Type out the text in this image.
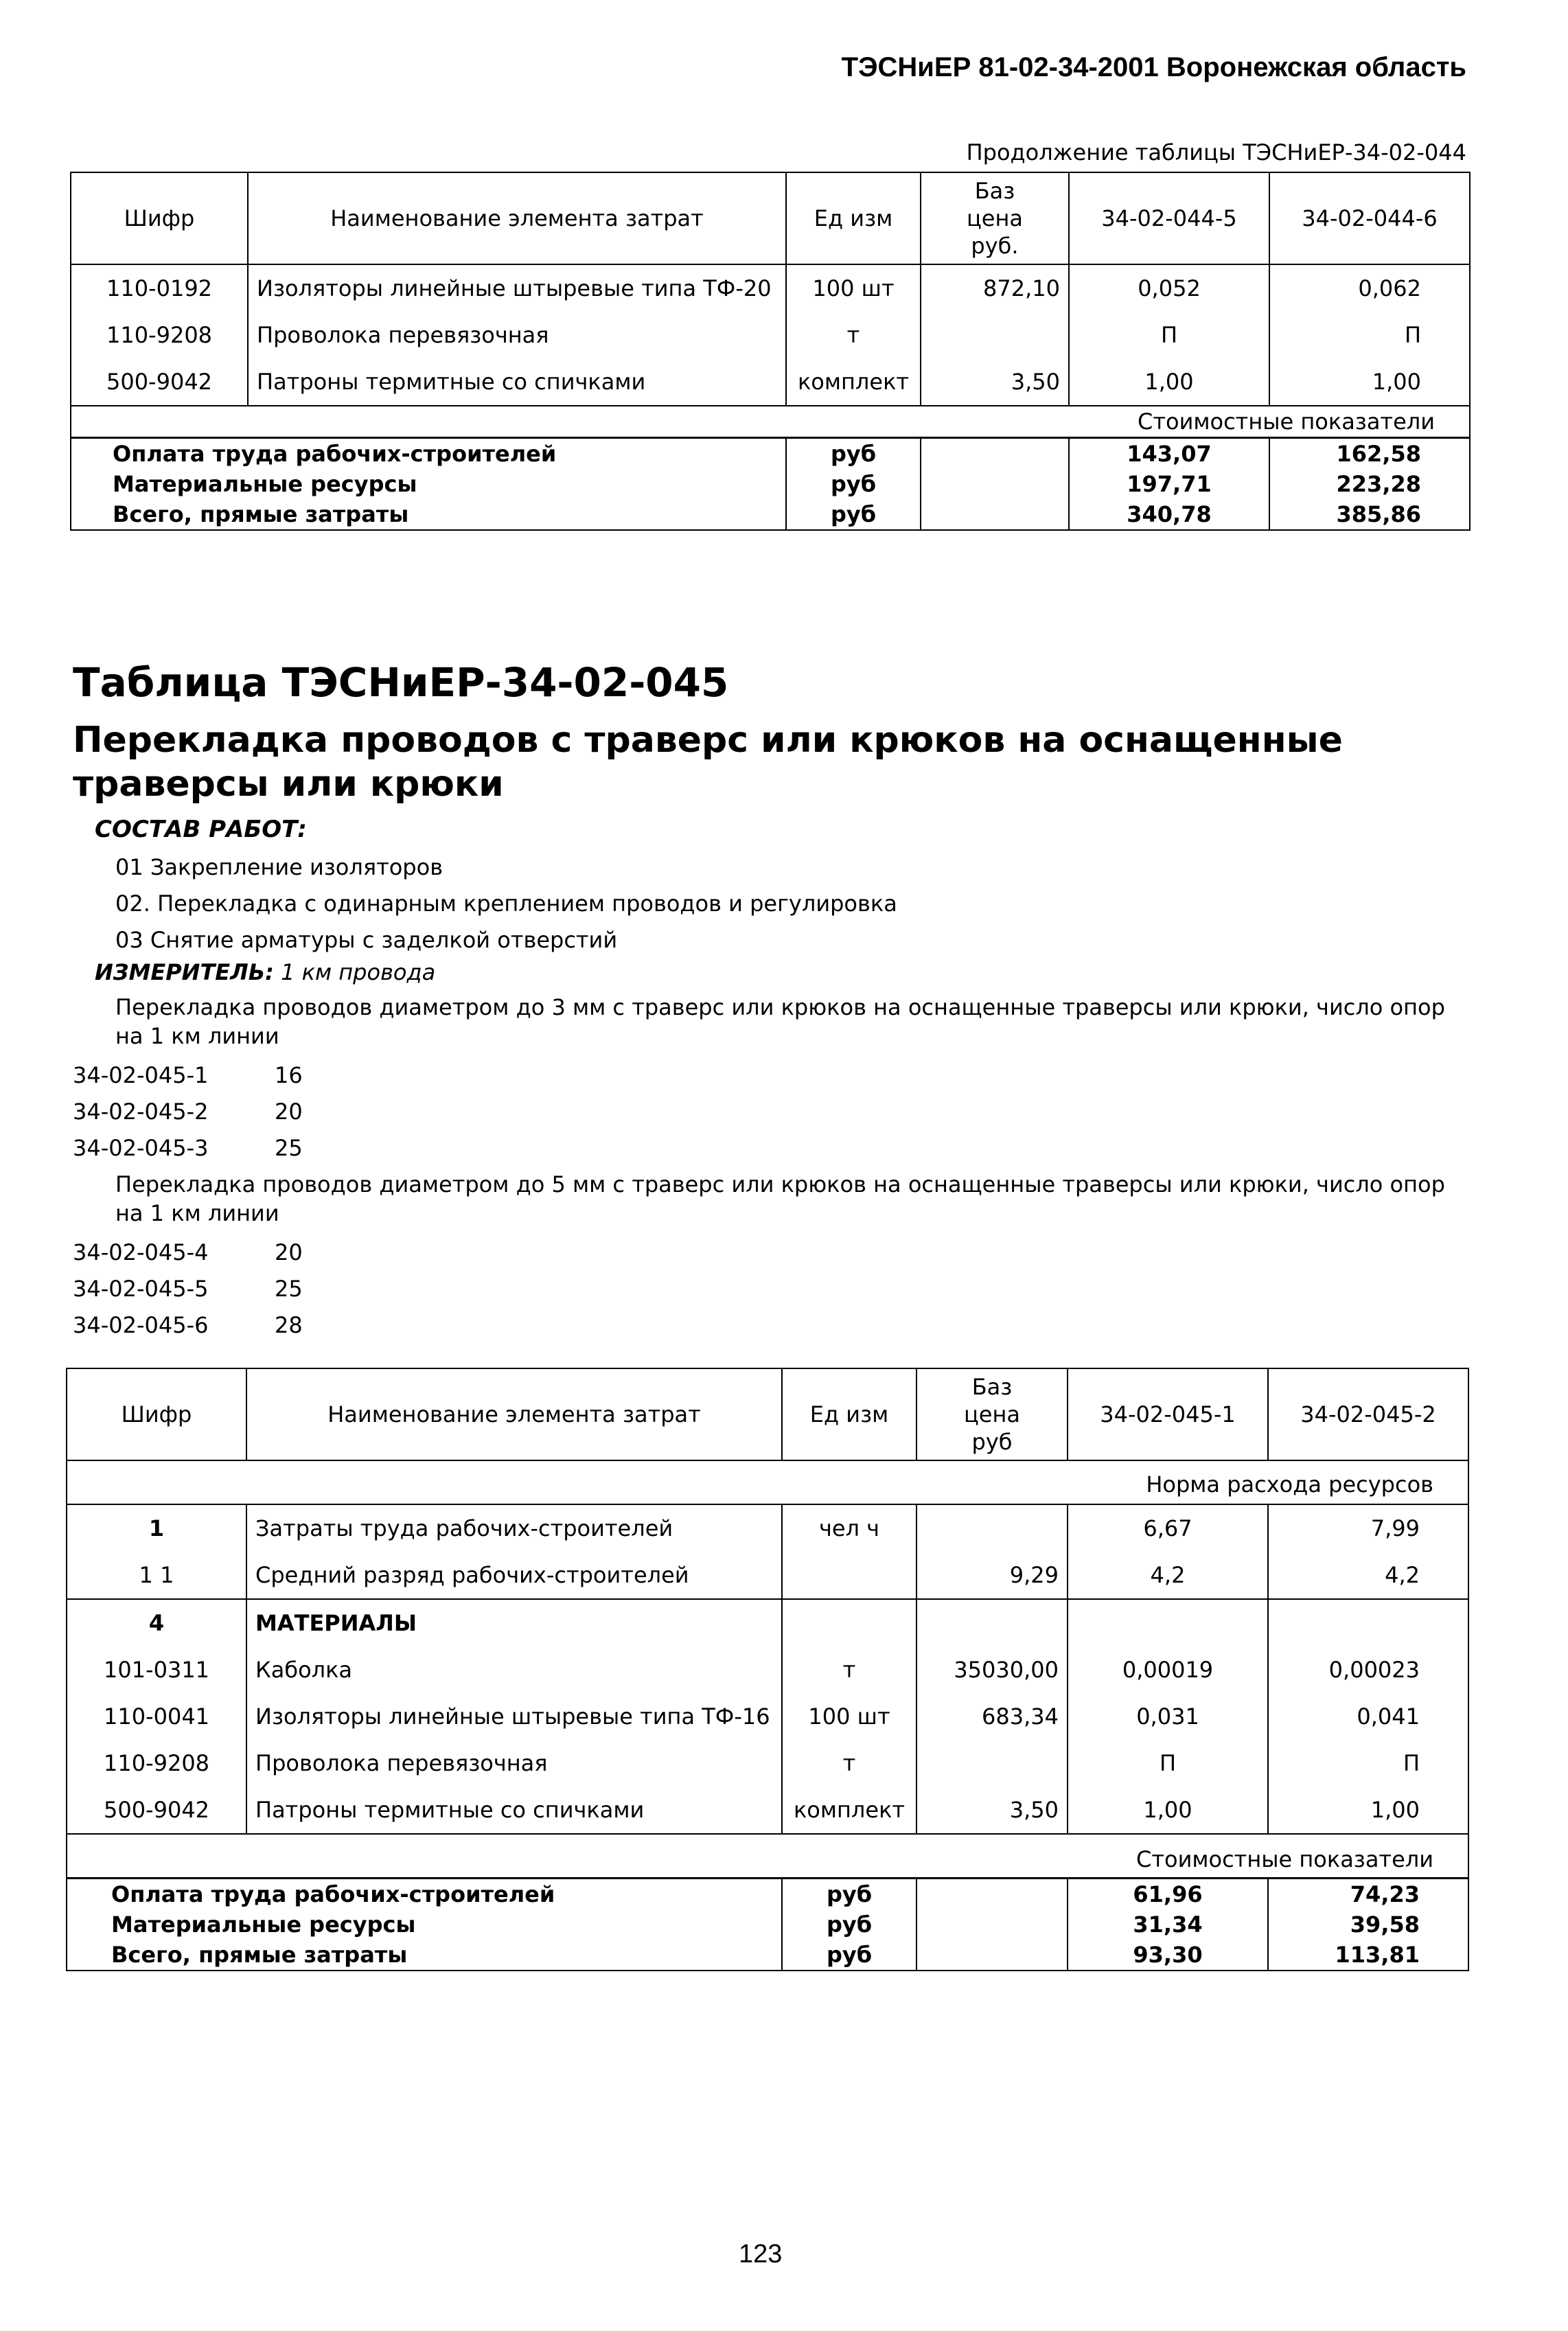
ТЭСНиЕР 81-02-34-2001 Воронежская область
Продолжение таблицы ТЭСНиЕР-34-02-044
Шифр	Наименование элемента затрат	Ед изм	Баз цена руб.	34-02-044-5	34-02-044-6
110-0192	Изоляторы линейные штыревые типа ТФ-20	100 шт	872,10	0,052	0,062
110-9208	Проволока перевязочная	т		П	П
500-9042	Патроны термитные со спичками	комплект	3,50	1,00	1,00
Стоимостные показатели					
Оплата труда рабочих-строителей		руб		143,07	162,58
Материальные ресурсы		руб		197,71	223,28
Всего, прямые затраты		руб		340,78	385,86
Таблица ТЭСНиЕР-34-02-045
Перекладка проводов с траверс или крюков на оснащенные траверсы или крюки
СОСТАВ РАБОТ:
01 Закрепление изоляторов
02. Перекладка с одинарным креплением проводов и регулировка
03 Снятие арматуры с заделкой отверстий
ИЗМЕРИТЕЛЬ: 1 км провода
Перекладка проводов диаметром до 3 мм с траверс или крюков на оснащенные траверсы или крюки, число опор на 1 км линии
34-02-045-1	16
34-02-045-2	20
34-02-045-3	25
Перекладка проводов диаметром до 5 мм с траверс или крюков на оснащенные траверсы или крюки, число опор на 1 км линии
34-02-045-4	20
34-02-045-5	25
34-02-045-6	28
Шифр	Наименование элемента затрат	Ед изм	Баз цена руб	34-02-045-1	34-02-045-2
Норма расхода ресурсов					
1	Затраты труда рабочих-строителей	чел ч		6,67	7,99
1 1	Средний разряд рабочих-строителей		9,29	4,2	4,2
4	МАТЕРИАЛЫ				
101-0311	Каболка	т	35030,00	0,00019	0,00023
110-0041	Изоляторы линейные штыревые типа ТФ-16	100 шт	683,34	0,031	0,041
110-9208	Проволока перевязочная	т		П	П
500-9042	Патроны термитные со спичками	комплект	3,50	1,00	1,00
Стоимостные показатели					
Оплата труда рабочих-строителей		руб		61,96	74,23
Материальные ресурсы		руб		31,34	39,58
Всего, прямые затраты		руб		93,30	113,81
123
